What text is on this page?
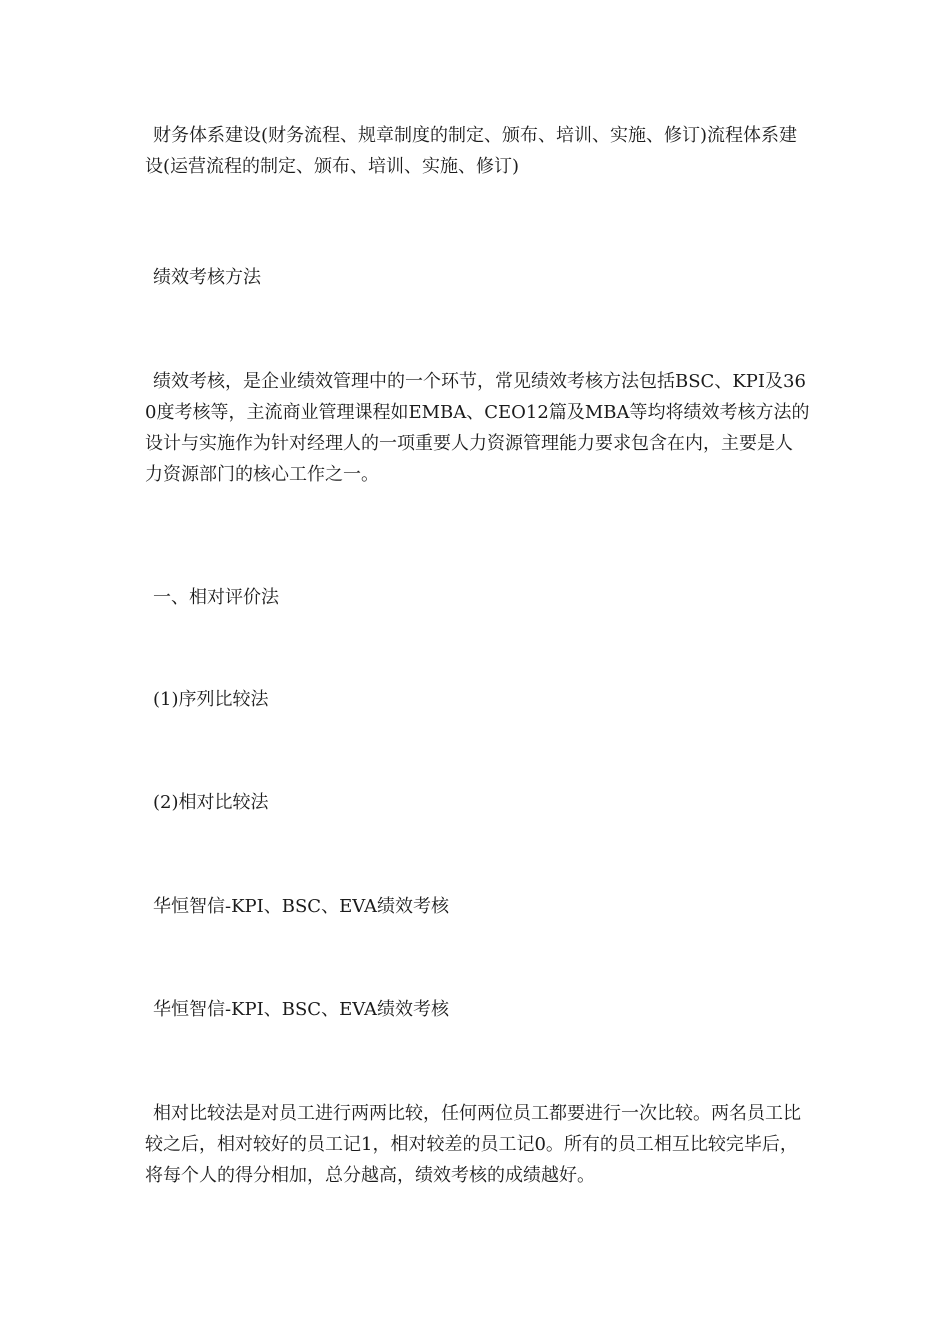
财务体系建设(财务流程、规章制度的制定、颁布、培训、实施、修订)流程体系建设(运营流程的制定、颁布、培训、实施、修订)

绩效考核方法

绩效考核，是企业绩效管理中的一个环节，常见绩效考核方法包括BSC、KPI及360度考核等，主流商业管理课程如EMBA、CEO12篇及MBA等均将绩效考核方法的设计与实施作为针对经理人的一项重要人力资源管理能力要求包含在内，主要是人力资源部门的核心工作之一。

一、相对评价法

(1)序列比较法

(2)相对比较法

华恒智信-KPI、BSC、EVA绩效考核

华恒智信-KPI、BSC、EVA绩效考核

相对比较法是对员工进行两两比较，任何两位员工都要进行一次比较。两名员工比较之后，相对较好的员工记1，相对较差的员工记0。所有的员工相互比较完毕后，将每个人的得分相加，总分越高，绩效考核的成绩越好。
